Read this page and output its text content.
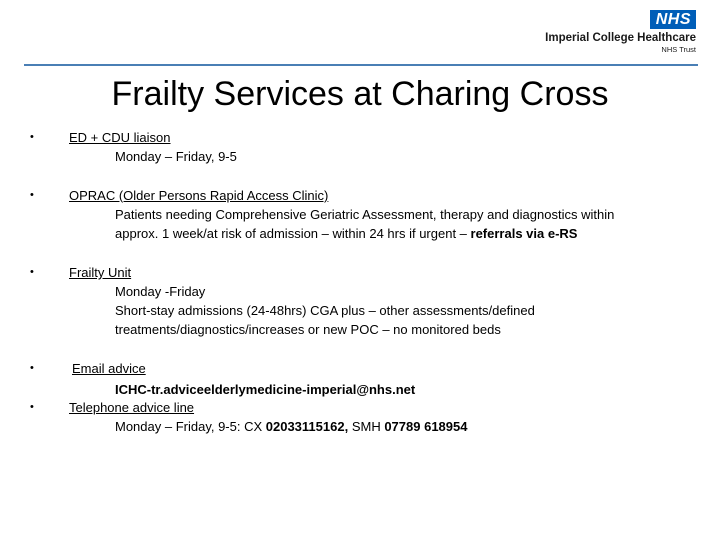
NHS
Imperial College Healthcare
NHS Trust
Frailty Services at Charing Cross
•	ED + CDU liaison
Monday – Friday, 9-5
•	OPRAC (Older Persons Rapid Access Clinic)
Patients needing Comprehensive Geriatric Assessment, therapy and diagnostics within
approx. 1 week/at risk of admission – within 24 hrs if urgent – referrals via e-RS
•	Frailty Unit
Monday -Friday
Short-stay admissions (24-48hrs) CGA plus – other assessments/defined
treatments/diagnostics/increases or new POC – no monitored beds
•	Email advice
ICHC-tr.adviceelderlymedicine-imperial@nhs.net
•	Telephone advice line
Monday – Friday, 9-5: CX 02033115162, SMH 07789 618954
